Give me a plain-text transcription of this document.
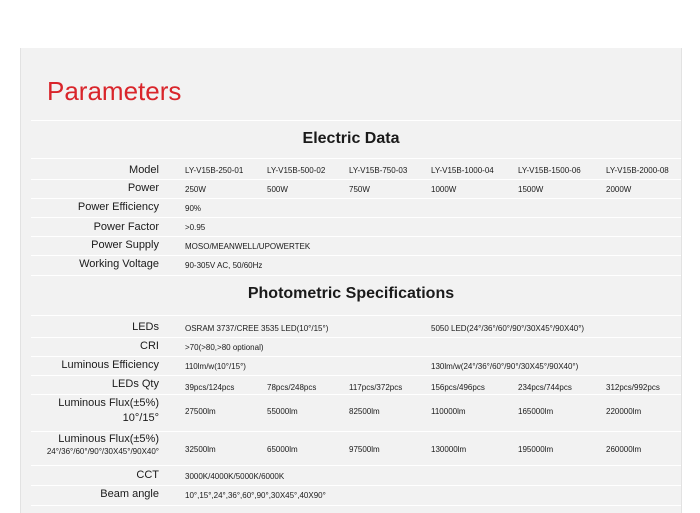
Parameters
Electric Data
Model	LY-V15B-250-01	LY-V15B-500-02	LY-V15B-750-03	LY-V15B-1000-04	LY-V15B-1500-06	LY-V15B-2000-08
Power	250W	500W	750W	1000W	1500W	2000W
Power Efficiency	90%
Power Factor	>0.95
Power Supply	MOSO/MEANWELL/UPOWERTEK
Working Voltage	90-305V AC, 50/60Hz
Photometric Specifications
LEDs	OSRAM 3737/CREE 3535 LED(10°/15°)	5050 LED(24°/36°/60°/90°/30X45°/90X40°)
CRI	>70(>80,>80 optional)
Luminous Efficiency	110lm/w(10°/15°)	130lm/w(24°/36°/60°/90°/30X45°/90X40°)
LEDs Qty	39pcs/124pcs	78pcs/248pcs	117pcs/372pcs	156pcs/496pcs	234pcs/744pcs	312pcs/992pcs
Luminous Flux(±5%)
10°/15°
27500lm	55000lm	82500lm	110000lm	165000lm	220000lm
Luminous Flux(±5%)
24°/36°/60°/90°/30X45°/90X40°	32500lm	65000lm	97500lm	130000lm	195000lm	260000lm
CCT	3000K/4000K/5000K/6000K
Beam angle	10°,15°,24°,36°,60°,90°,30X45°,40X90°
